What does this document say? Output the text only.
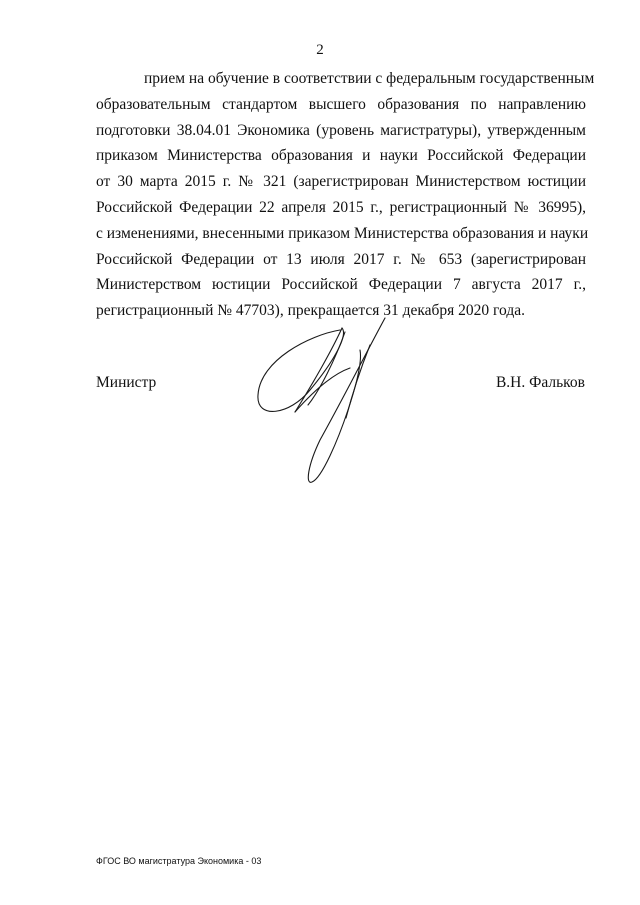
2
прием на обучение в соответствии с федеральным государственным
образовательным стандартом высшего образования по направлению
подготовки 38.04.01 Экономика (уровень магистратуры), утвержденным
приказом Министерства образования и науки Российской Федерации
от 30 марта 2015 г. № 321 (зарегистрирован Министерством юстиции
Российской Федерации 22 апреля 2015 г., регистрационный № 36995),
с изменениями, внесенными приказом Министерства образования и науки
Российской Федерации от 13 июля 2017 г. № 653 (зарегистрирован
Министерством юстиции Российской Федерации 7 августа 2017 г.,
регистрационный № 47703), прекращается 31 декабря 2020 года.
Министр	В.Н. Фальков
ФГОС ВО магистратура Экономика - 03
